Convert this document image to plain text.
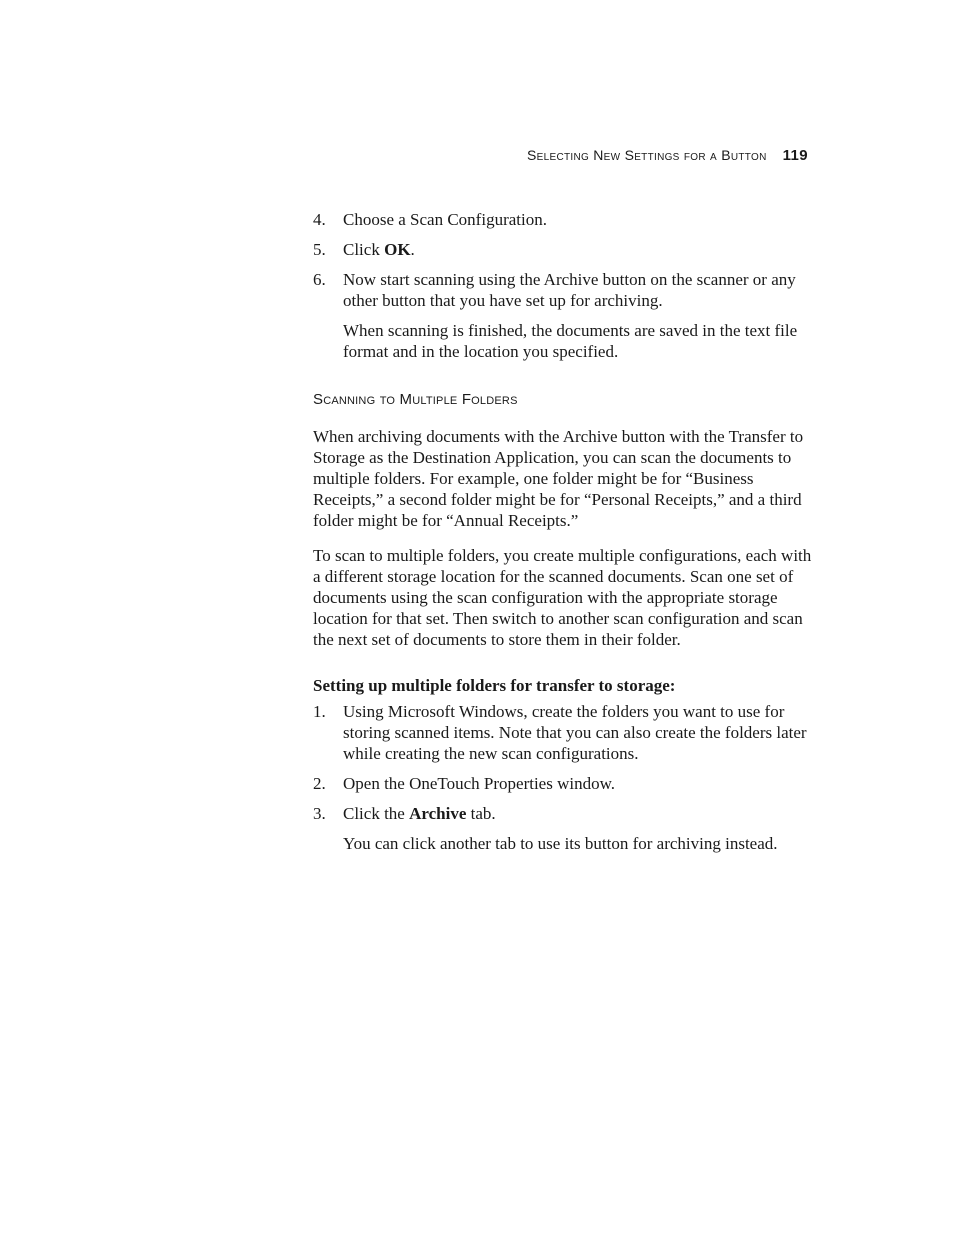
Selecting New Settings for a Button 119
4.	Choose a Scan Configuration.
5.	Click OK.
6.	Now start scanning using the Archive button on the scanner or any other button that you have set up for archiving.

When scanning is finished, the documents are saved in the text file format and in the location you specified.

Scanning to Multiple Folders

When archiving documents with the Archive button with the Transfer to Storage as the Destination Application, you can scan the documents to multiple folders. For example, one folder might be for “Business Receipts,” a second folder might be for “Personal Receipts,” and a third folder might be for “Annual Receipts.”

To scan to multiple folders, you create multiple configurations, each with a different storage location for the scanned documents. Scan one set of documents using the scan configuration with the appropriate storage location for that set. Then switch to another scan configuration and scan the next set of documents to store them in their folder.

Setting up multiple folders for transfer to storage:
1.	Using Microsoft Windows, create the folders you want to use for storing scanned items. Note that you can also create the folders later while creating the new scan configurations.
2.	Open the OneTouch Properties window.
3.	Click the Archive tab.

You can click another tab to use its button for archiving instead.
